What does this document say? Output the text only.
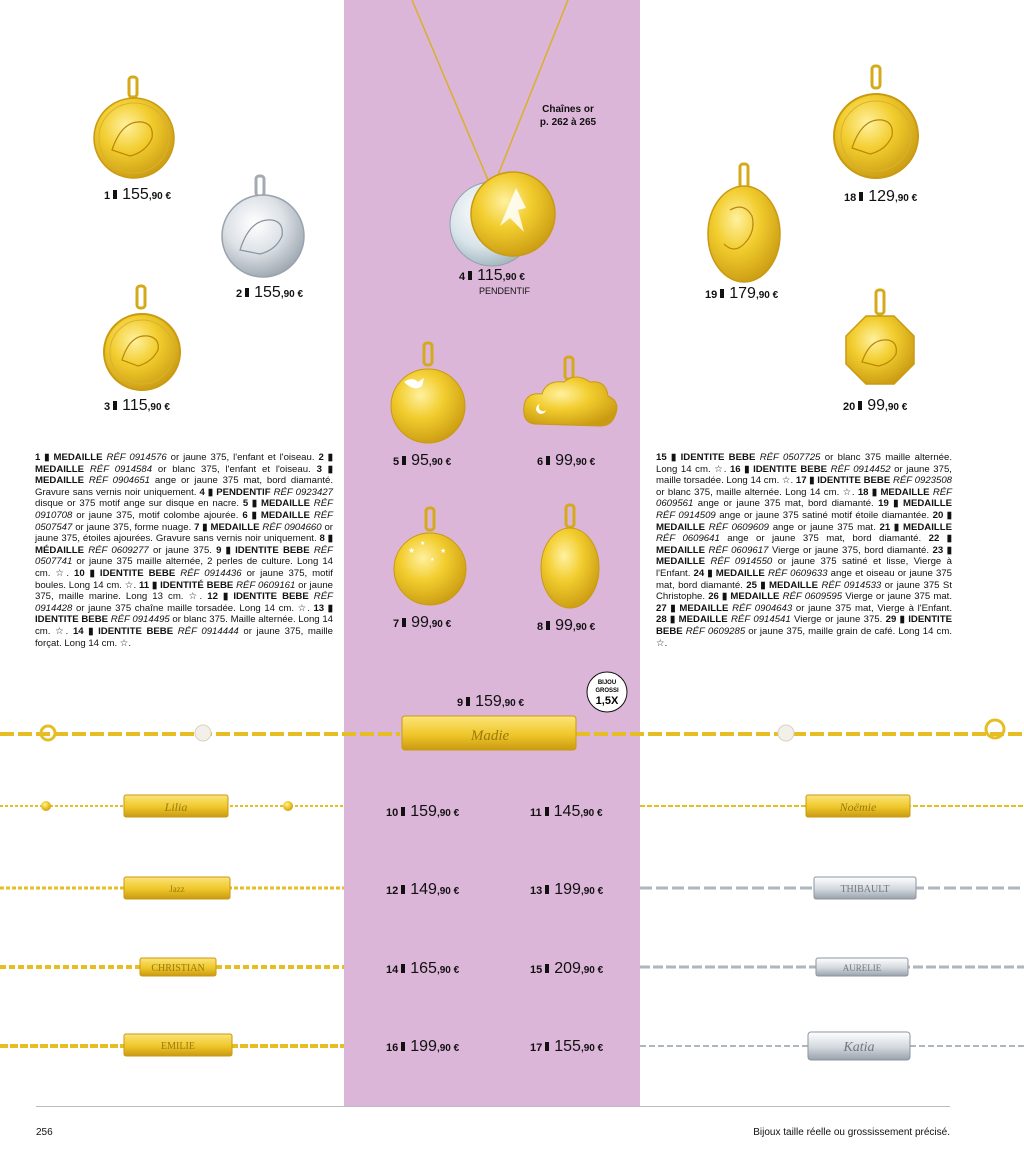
★
★
★
★
Madie
Lilia	Noëmie
Jazz	THIBAULT
CHRISTIAN	AURELIE
EMILIE	Katia
BIJOU
GROSSI
1,5X
Chaînes or
p. 262 à 265
1 155,90 €
2 155,90 €
3 115,90 €
4 115,90 €
PENDENTIF
5 95,90 €	6 99,90 €
7 99,90 €	8 99,90 €
9 159,90 €
10 159,90 €	11 145,90 €
12 149,90 €	13 199,90 €
14 165,90 €	15 209,90 €
16 199,90 €	17 155,90 €
18 129,90 €
19 179,90 €
20 99,90 €

1 ▮ MEDAILLE RÉF 0914576 or jaune 375, l'enfant et l'oiseau. 2 ▮ MEDAILLE RÉF 0914584 or blanc 375, l'enfant et l'oiseau. 3 ▮ MEDAILLE RÉF 0904651 ange or jaune 375 mat, bord diamanté. Gravure sans vernis noir uniquement. 4 ▮ PENDENTIF RÉF 0923427 disque or 375 motif ange sur disque en nacre. 5 ▮ MEDAILLE RÉF 0910708 or jaune 375, motif colombe ajourée. 6 ▮ MEDAILLE RÉF 0507547 or jaune 375, forme nuage. 7 ▮ MEDAILLE RÉF 0904660 or jaune 375, étoiles ajourées. Gravure sans vernis noir uniquement. 8 ▮ MÉDAILLE RÉF 0609277 or jaune 375. 9 ▮ IDENTITE BEBE RÉF 0507741 or jaune 375 maille alternée, 2 perles de culture. Long 14 cm. ☆. 10 ▮ IDENTITE BEBE RÉF 0914436 or jaune 375, motif boules. Long 14 cm. ☆. 11 ▮ IDENTITÉ BEBE RÉF 0609161 or jaune 375, maille marine. Long 13 cm. ☆. 12 ▮ IDENTITE BEBE RÉF 0914428 or jaune 375 chaîne maille torsadée. Long 14 cm. ☆. 13 ▮ IDENTITE BEBE RÉF 0914495 or blanc 375. Maille alternée. Long 14 cm. ☆. 14 ▮ IDENTITE BEBE RÉF 0914444 or jaune 375, maille forçat. Long 14 cm. ☆.

15 ▮ IDENTITE BEBE RÉF 0507725 or blanc 375 maille alternée. Long 14 cm. ☆. 16 ▮ IDENTITE BEBE RÉF 0914452 or jaune 375, maille torsadée. Long 14 cm. ☆. 17 ▮ IDENTITE BEBE RÉF 0923508 or blanc 375, maille alternée. Long 14 cm. ☆. 18 ▮ MEDAILLE RÉF 0609561 ange or jaune 375 mat, bord diamanté. 19 ▮ MEDAILLE RÉF 0914509 ange or jaune 375 satiné motif étoile diamantée. 20 ▮ MEDAILLE RÉF 0609609 ange or jaune 375 mat. 21 ▮ MEDAILLE RÉF 0609641 ange or jaune 375 mat, bord diamanté. 22 ▮ MEDAILLE RÉF 0609617 Vierge or jaune 375, bord diamanté. 23 ▮ MEDAILLE RÉF 0914550 or jaune 375 satiné et lisse, Vierge à l'Enfant. 24 ▮ MEDAILLE RÉF 0609633 ange et oiseau or jaune 375 mat, bord diamanté. 25 ▮ MEDAILLE RÉF 0914533 or jaune 375 St Christophe. 26 ▮ MEDAILLE RÉF 0609595 Vierge or jaune 375 mat. 27 ▮ MEDAILLE RÉF 0904643 or jaune 375 mat, Vierge à l'Enfant. 28 ▮ MEDAILLE RÉF 0914541 Vierge or jaune 375. 29 ▮ IDENTITE BEBE RÉF 0609285 or jaune 375, maille grain de café. Long 14 cm. ☆.

256	Bijoux taille réelle ou grossissement précisé.
